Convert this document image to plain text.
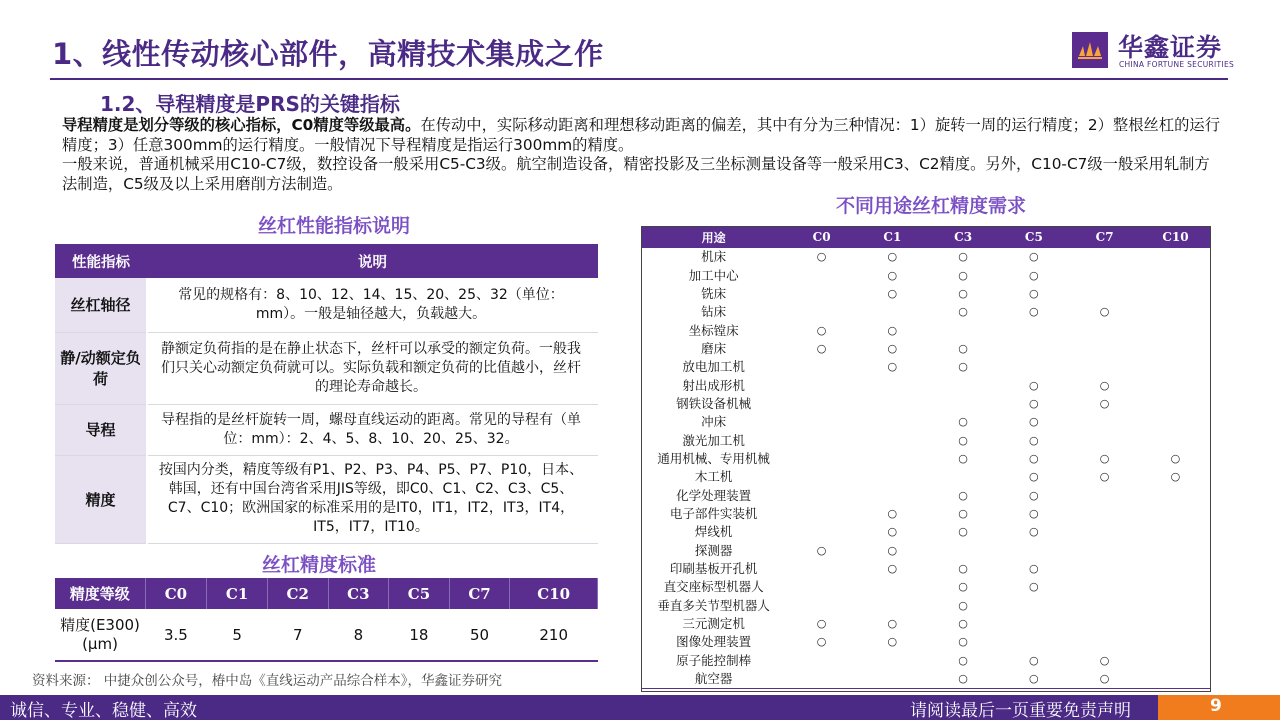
1、线性传动核心部件，高精技术集成之作	华鑫证券
CHINA FORTUNE SECURITIES
1.2、导程精度是PRS的关键指标

导程精度是划分等级的核心指标，C0精度等级最高。在传动中，实际移动距离和理想移动距离的偏差，其中有分为三种情况：1）旋转一周的运行精度；2）整根丝杠的运行精度；3）任意300mm的运行精度。一般情况下导程精度是指运行300mm的精度。

一般来说，普通机械采用C10-C7级，数控设备一般采用C5-C3级。航空制造设备，精密投影及三坐标测量设备等一般采用C3、C2精度。另外，C10-C7级一般采用轧制方法制造，C5级及以上采用磨削方法制造。

丝杠性能指标说明
性能指标	说明
丝杠轴径	常见的规格有：8、10、12、14、15、20、25、32（单位：mm）。一般是轴径越大，负载越大。
静/动额定负荷	静额定负荷指的是在静止状态下，丝杆可以承受的额定负荷。一般我们只关心动额定负荷就可以。实际负载和额定负荷的比值越小，丝杆的理论寿命越长。
导程	导程指的是丝杆旋转一周，螺母直线运动的距离。常见的导程有（单位：mm）：2、4、5、8、10、20、25、32。
精度	按国内分类，精度等级有P1、P2、P3、P4、P5、P7、P10，日本、韩国，还有中国台湾省采用JIS等级，即C0、C1、C2、C3、C5、C7、C10；欧洲国家的标准采用的是IT0，IT1，IT2，IT3，IT4，IT5，IT7，IT10。
丝杠精度标准
精度等级	C0	C1	C2	C3	C5	C7	C10
精度(E300)(μm)	3.5	5	7	8	18	50	210
资料来源： 中捷众创公众号，椿中岛《直线运动产品综合样本》，华鑫证券研究
不同用途丝杠精度需求
用途	C0	C1	C3	C5	C7	C10
机床	○	○	○	○		
加工中心		○	○	○		
铣床		○	○	○		
钻床			○	○	○	
坐标镗床	○	○				
磨床	○	○	○			
放电加工机		○	○			
射出成形机				○	○	
钢铁设备机械				○	○	
冲床			○	○		
激光加工机			○	○		
通用机械、专用机械			○	○	○	○
木工机				○	○	○
化学处理装置			○	○		
电子部件实装机		○	○	○		
焊线机		○	○	○		
探测器	○	○				
印刷基板开孔机		○	○	○		
直交座标型机器人			○	○		
垂直多关节型机器人			○			
三元测定机	○	○	○			
图像处理装置	○	○	○			
原子能控制棒			○	○	○	
航空器			○	○	○	
诚信、专业、稳健、高效	请阅读最后一页重要免责声明	9
